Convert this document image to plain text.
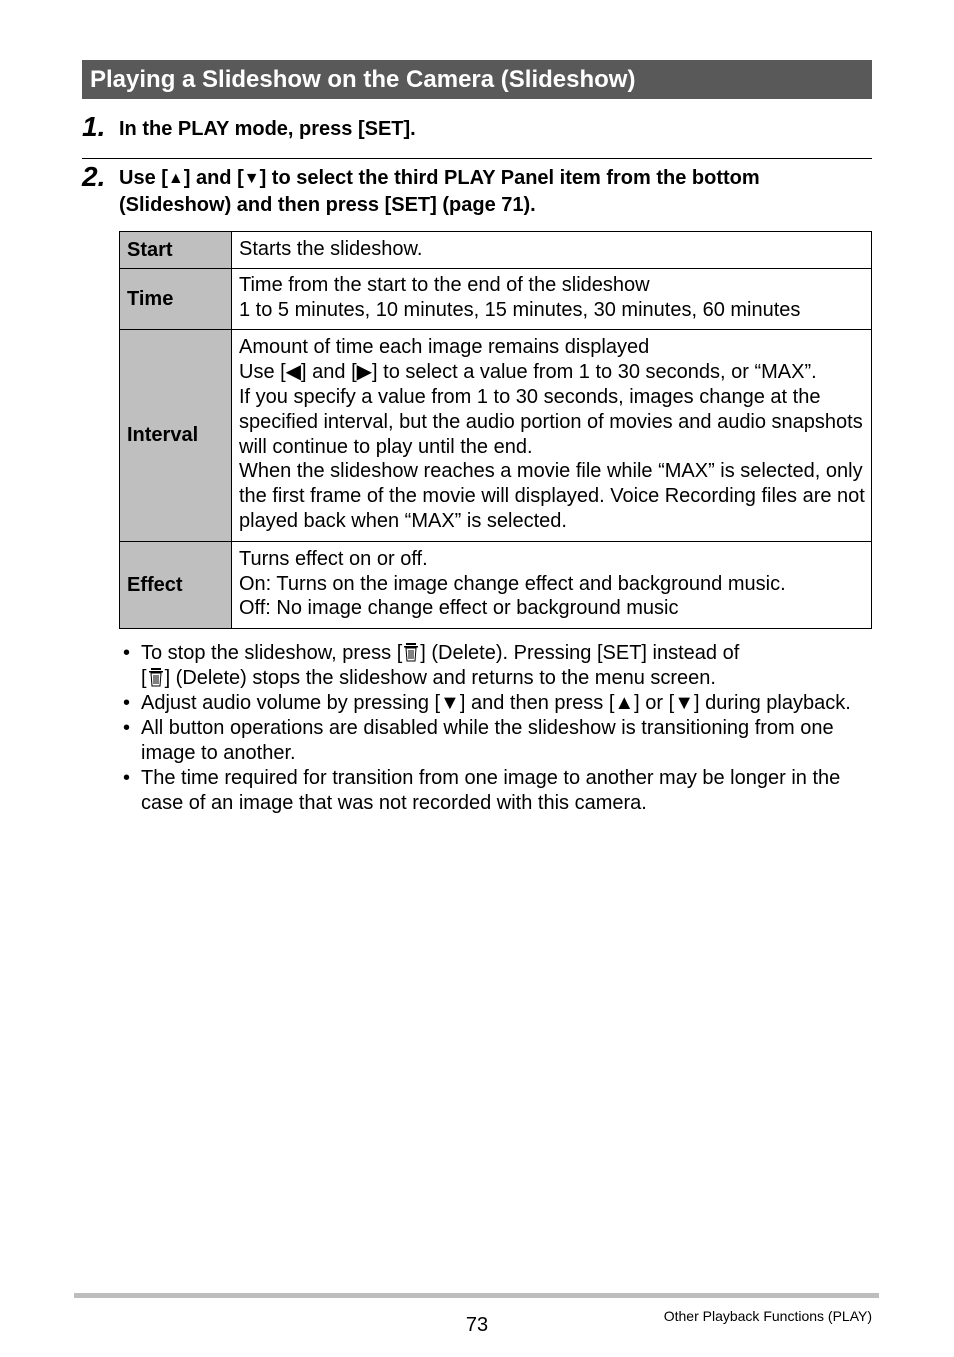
Playing a Slideshow on the Camera (Slideshow)
1. In the PLAY mode, press [SET].
2. Use [▲] and [▼] to select the third PLAY Panel item from the bottom (Slideshow) and then press [SET] (page 71).
Start	Starts the slideshow.

Time	Time from the start to the end of the slideshow
1 to 5 minutes, 10 minutes, 15 minutes, 30 minutes, 60 minutes

Interval	Amount of time each image remains displayed
Use [◀] and [▶] to select a value from 1 to 30 seconds, or “MAX”.
If you specify a value from 1 to 30 seconds, images change at the specified interval, but the audio portion of movies and audio snapshots will continue to play until the end.
When the slideshow reaches a movie file while “MAX” is selected, only the first frame of the movie will displayed. Voice Recording files are not played back when “MAX” is selected.

Effect	Turns effect on or off.
On: Turns on the image change effect and background music.
Off: No image change effect or background music
• To stop the slideshow, press [ ] (Delete). Pressing [SET] instead of
[ ] (Delete) stops the slideshow and returns to the menu screen.
• Adjust audio volume by pressing [▼] and then press [▲] or [▼] during playback.
• All button operations are disabled while the slideshow is transitioning from one image to another.
• The time required for transition from one image to another may be longer in the case of an image that was not recorded with this camera.
73	Other Playback Functions (PLAY)
